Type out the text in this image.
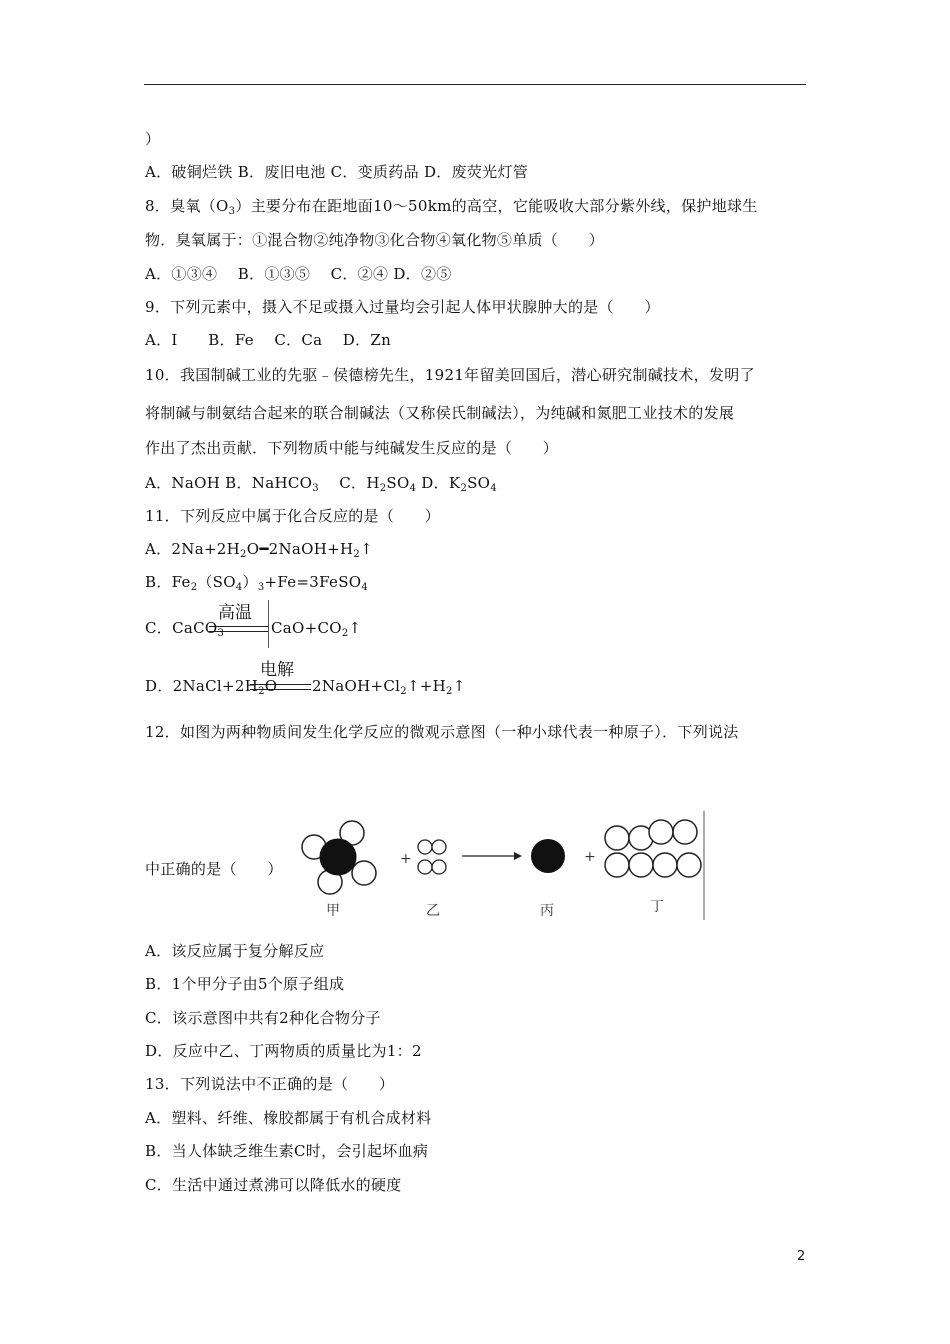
）
A．破铜烂铁 B．废旧电池 C．变质药品 D．废荧光灯管
8．臭氧$(O_3)$主要分布在距地面10～50km的高空，它能吸收大部分紫外线，保护地球生
物．臭氧属于：①混合物②纯净物③化合物④氧化物⑤单质（　　）
A．①③④　 B．①③⑤　 C．②④ D．②⑤
9．下列元素中，摄入不足或摄入过量均会引起人体甲状腺肿大的是（　　）
A．I　　B．Fe　 C．Ca　 D．Zn
10．我国制碱工业的先驱﹣侯德榜先生，1921年留美回国后，潜心研究制碱技术，发明了
将制碱与制氨结合起来的联合制碱法（又称侯氏制碱法），为纯碱和氮肥工业技术的发展
作出了杰出贡献．下列物质中能与纯碱发生反应的是（　　）
A．NaOH B．NaHCO$_3$　 C．$H_2SO_4$ D．$K_2SO_4$
11．下列反应中属于化合反应的是（　　）
A．$2Na+2H_2O━2NaOH+H_2↑$
B．$Fe_2(SO_4)_3+Fe=3FeSO_4$
高温
C．CaCO$_3$	$CaO+CO_2↑$
电解
D．$2NaCl+2H_2O$ $2NaOH+Cl_2↑+H_2↑$
12．如图为两种物质间发生化学反应的微观示意图（一种小球代表一种原子）．下列说法
中正确的是（　　）
+	+
甲	乙	丙	丁
A．该反应属于复分解反应
B．1个甲分子由5个原子组成
C．该示意图中共有2种化合物分子
D．反应中乙、丁两物质的质量比为1：2
13．下列说法中不正确的是（　　）
A．塑料、纤维、橡胶都属于有机合成材料
B．当人体缺乏维生素C时，会引起坏血病
C．生活中通过煮沸可以降低水的硬度
2
